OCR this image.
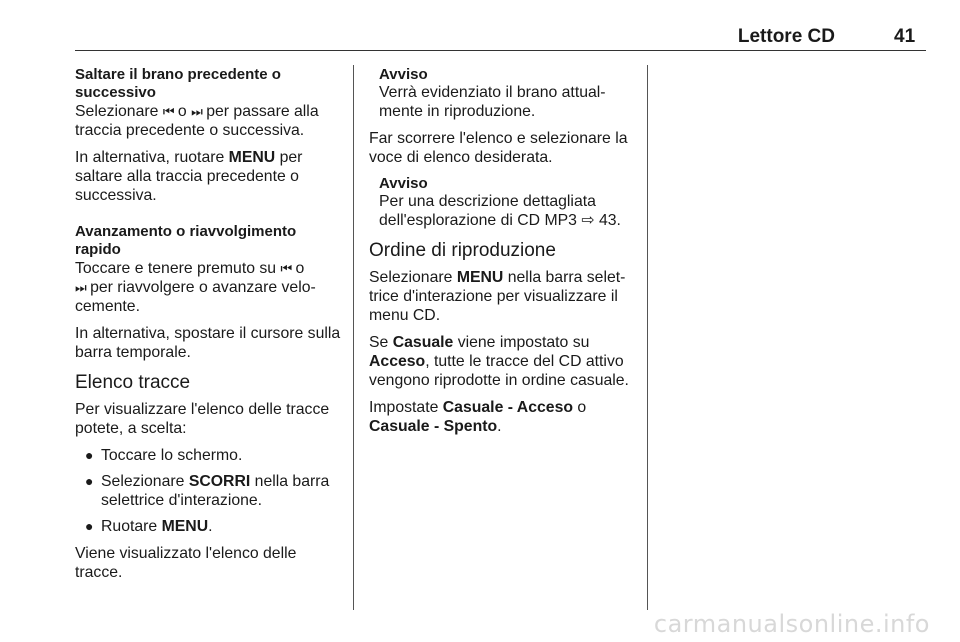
Lettore CD	41
Saltare il brano precedente o
successivo

Selezionare ⏮ o ⏭ per passare alla traccia precedente o successiva.

In alternativa, ruotare MENU per saltare alla traccia precedente o successiva.

Avanzamento o riavvolgimento
rapido

Toccare e tenere premuto su ⏮ o
⏭ per riavvolgere o avanzare velocemente.

In alternativa, spostare il cursore sulla barra temporale.

Elenco tracce

Per visualizzare l'elenco delle tracce potete, a scelta:

● Toccare lo schermo.
● Selezionare SCORRI nella barra selettrice d'interazione.
● Ruotare MENU.

Viene visualizzato l'elenco delle tracce.

Avviso

Verrà evidenziato il brano attualmente in riproduzione.

Far scorrere l'elenco e selezionare la voce di elenco desiderata.

Avviso

Per una descrizione dettagliata dell'esplorazione di CD MP3 ⇨ 43.

Ordine di riproduzione

Selezionare MENU nella barra selettrice d'interazione per visualizzare il menu CD.

Se Casuale viene impostato su Acceso, tutte le tracce del CD attivo vengono riprodotte in ordine casuale.

Impostate Casuale - Acceso o Casuale - Spento.

carmanualsonline.info
